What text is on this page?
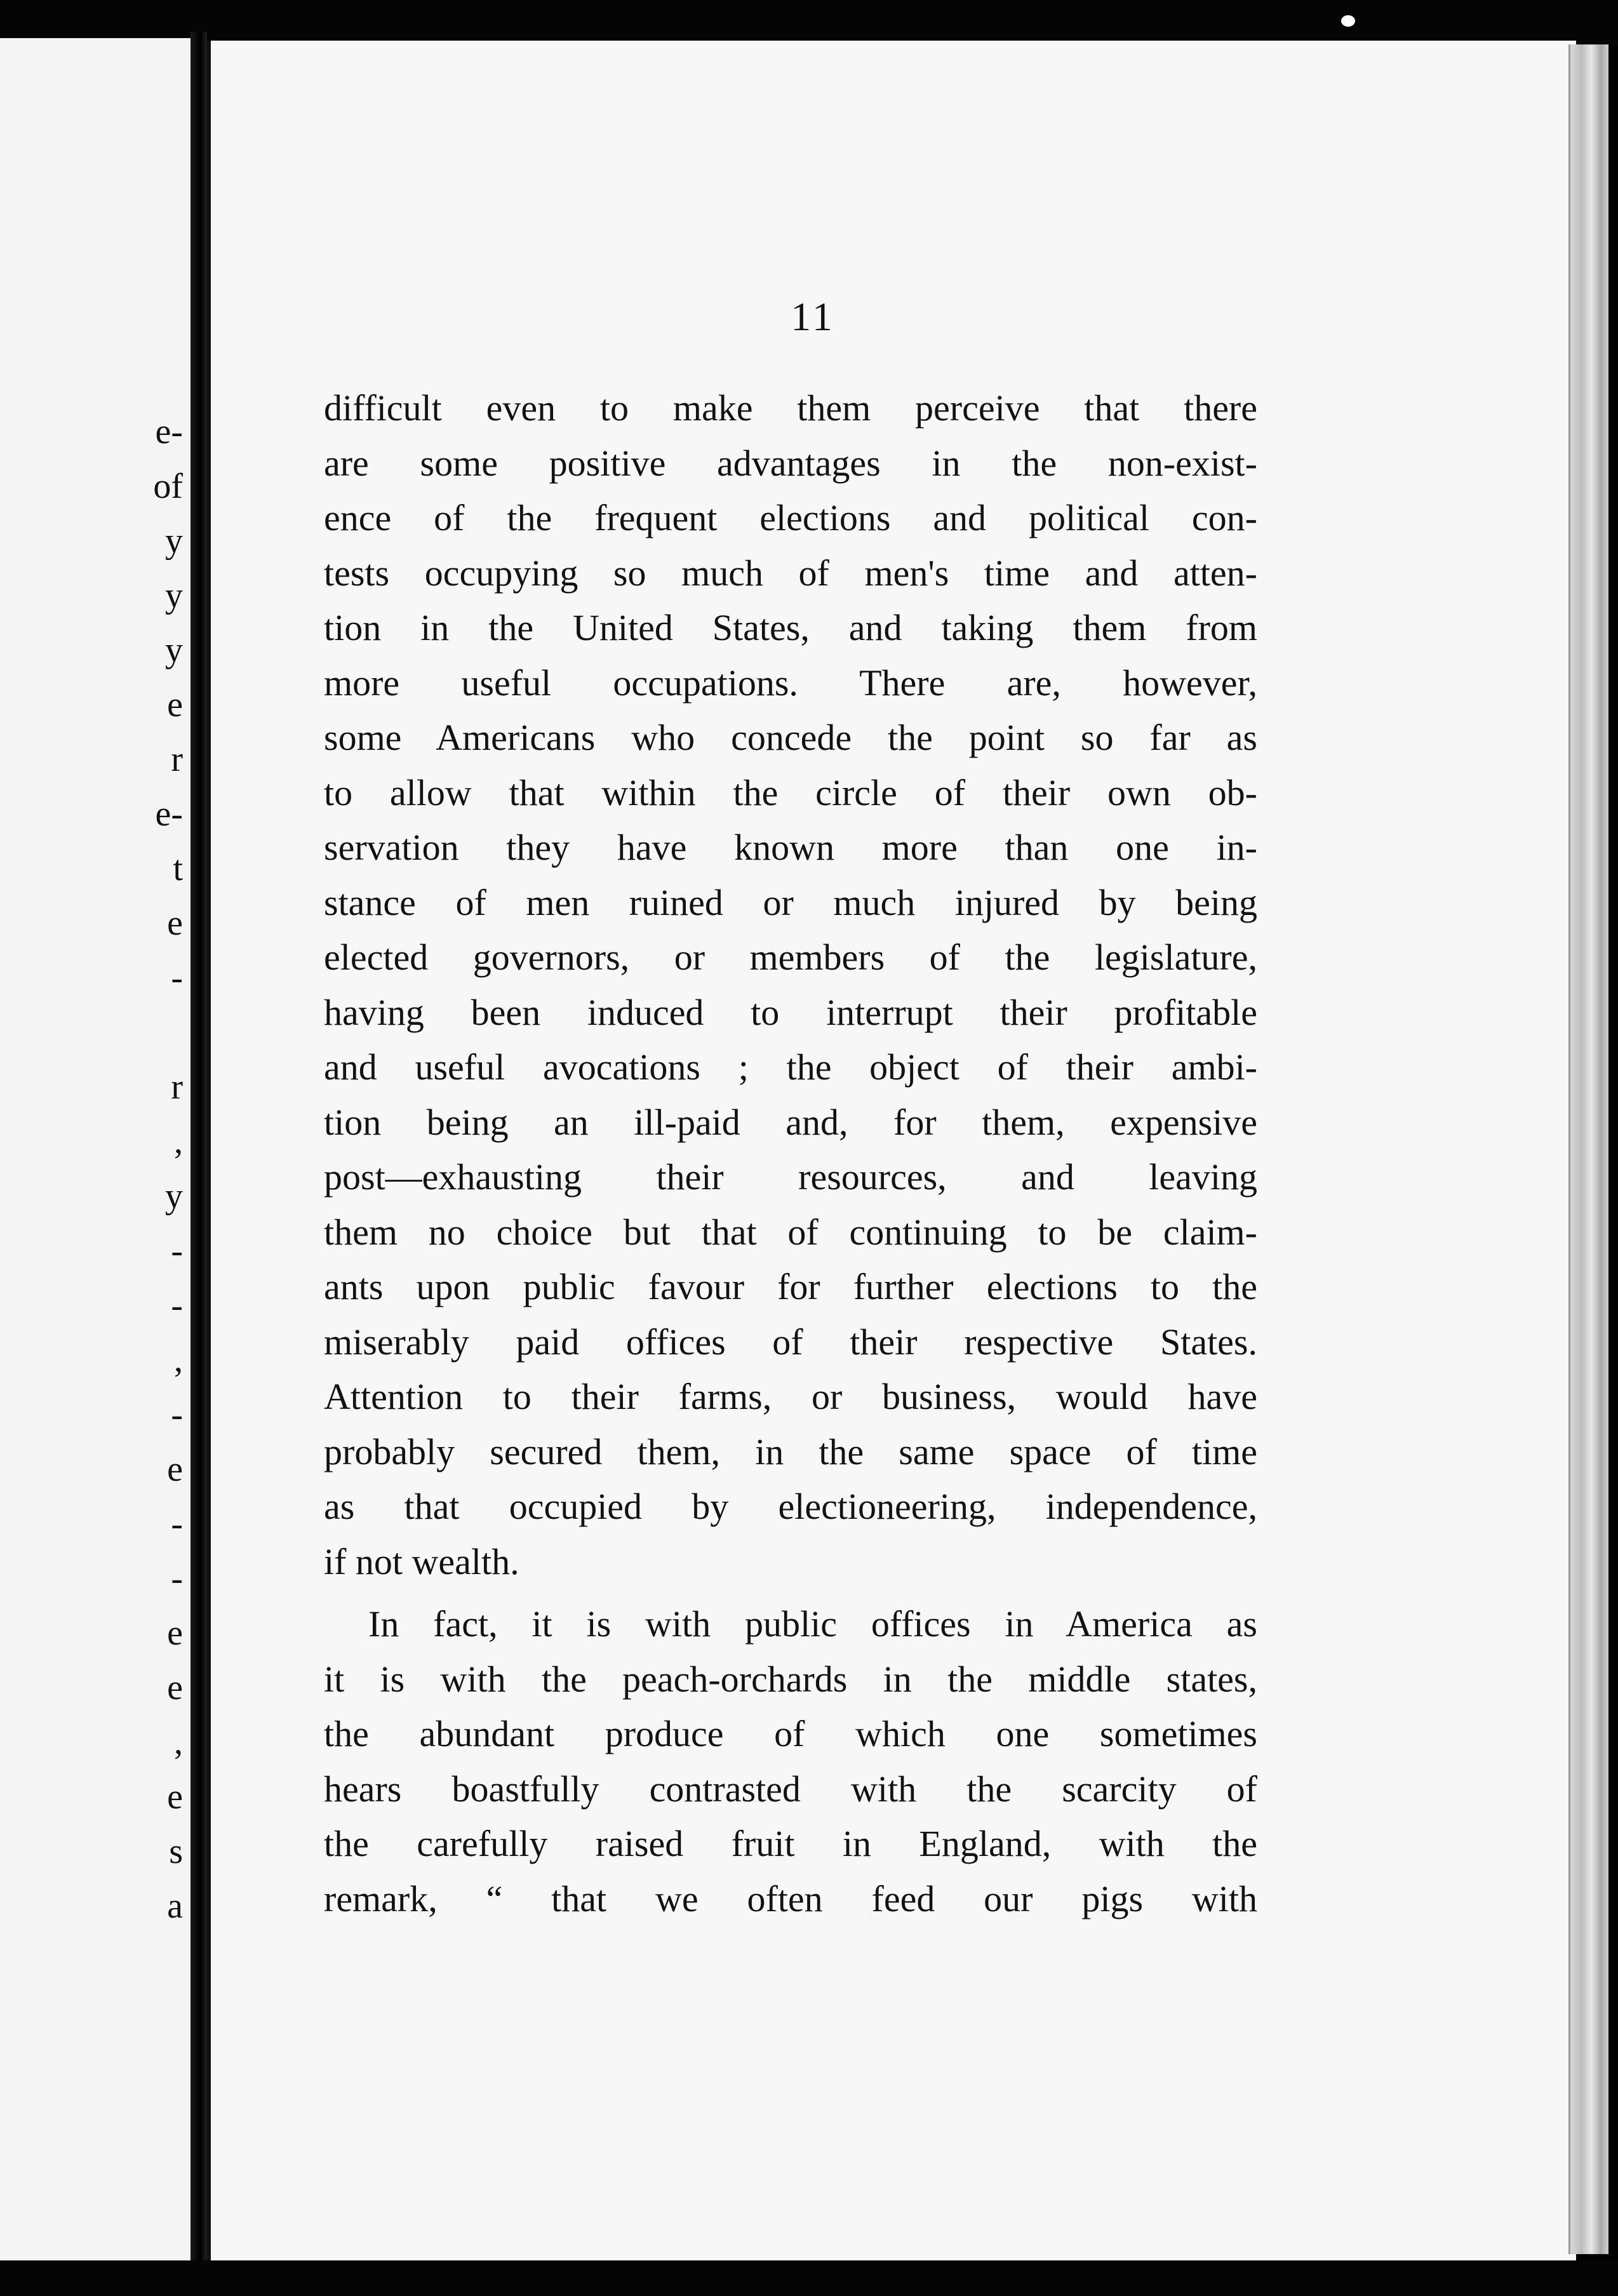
e-
of
y
y
y
e
r
e-
t
e
-
r
,
y
-
-
,
-
e
-
-
e
e
,
e
s
a
11
difficult even to make them perceive that there
are some positive advantages in the non-exist-
ence of the frequent elections and political con-
tests occupying so much of men's time and atten-
tion in the United States, and taking them from
more useful occupations. There are, however,
some Americans who concede the point so far as
to allow that within the circle of their own ob-
servation they have known more than one in-
stance of men ruined or much injured by being
elected governors, or members of the legislature,
having been induced to interrupt their profitable
and useful avocations ; the object of their ambi-
tion being an ill-paid and, for them, expensive
post—exhausting their resources, and leaving
them no choice but that of continuing to be claim-
ants upon public favour for further elections to the
miserably paid offices of their respective States.
Attention to their farms, or business, would have
probably secured them, in the same space of time
as that occupied by electioneering, independence,
if not wealth.
In fact, it is with public offices in America as
it is with the peach-orchards in the middle states,
the abundant produce of which one sometimes
hears boastfully contrasted with the scarcity of
the carefully raised fruit in England, with the
remark, “ that we often feed our pigs with
